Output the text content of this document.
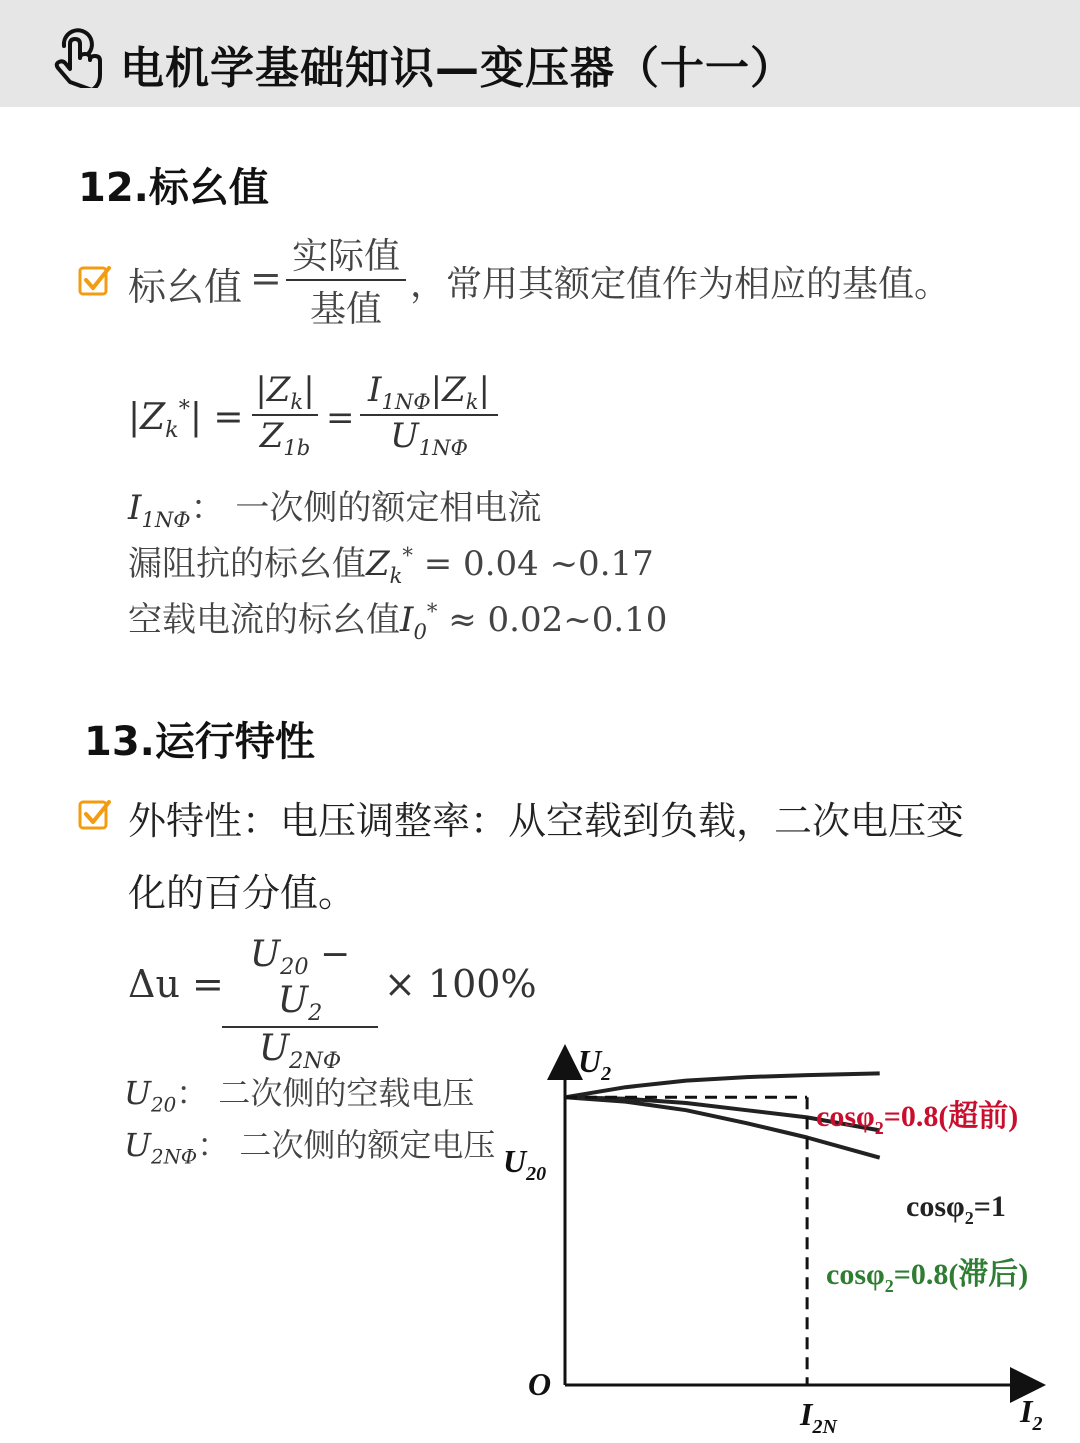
电机学基础知识—变压器（十一）
12.标幺值
标幺值 = 实际值
基值
，常用其额定值作为相应的基值。
$|Z_k^*|$ =
$|Z_k|$
$Z_{1b}$
=
$I_{1N\Phi}|Z_k|$
$U_{1N\Phi}$
$I_{1N\Phi}$： 一次侧的额定相电流
漏阻抗的标幺值$Z_k^* = 0.04$ ~0.17
空载电流的标幺值$I_0^*$ ≈ 0.02~0.10
13.运行特性
外特性：电压调整率：从空载到负载，二次电压变
化的百分值。
Δu =
$U_{20} - U_2$
$U_{2N\Phi}$
× 100%
$U_{20}$： 二次侧的空载电压
$U_{2N\Phi}$： 二次侧的额定电压
$U_2$
$I_2$
O
$U_{20}$
$I_{2N}$
cosφ$_2$=0.8(超前)
cosφ$_2$=1
cosφ$_2$=0.8(滞后)
